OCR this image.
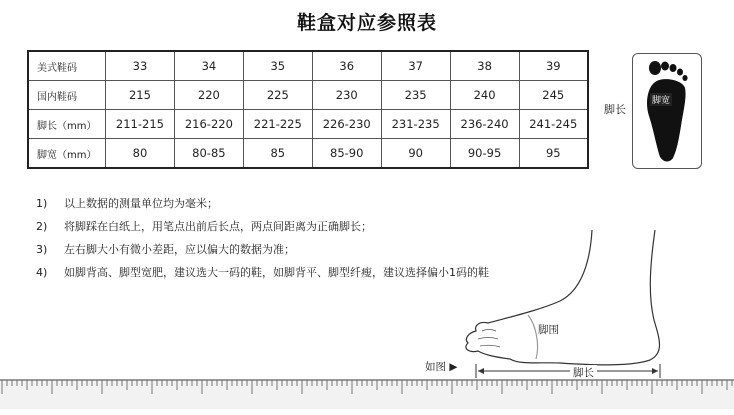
鞋盒对应参照表
美式鞋码	33	34	35	36	37	38	39
国内鞋码	215	220	225	230	235	240	245
脚长（mm）	211-215	216-220	221-225	226-230	231-235	236-240	241-245
脚宽（mm）	80	80-85	85	85-90	90	90-95	95
脚长
脚宽
1) 以上数据的测量单位均为毫米；
2) 将脚踩在白纸上，用笔点出前后长点，两点间距离为正确脚长；
3) 左右脚大小有微小差距，应以偏大的数据为准；
4) 如脚背高、脚型宽肥，建议选大一码的鞋，如脚背平、脚型纤瘦，建议选择偏小1码的鞋
脚围
如图 ▶	脚长
